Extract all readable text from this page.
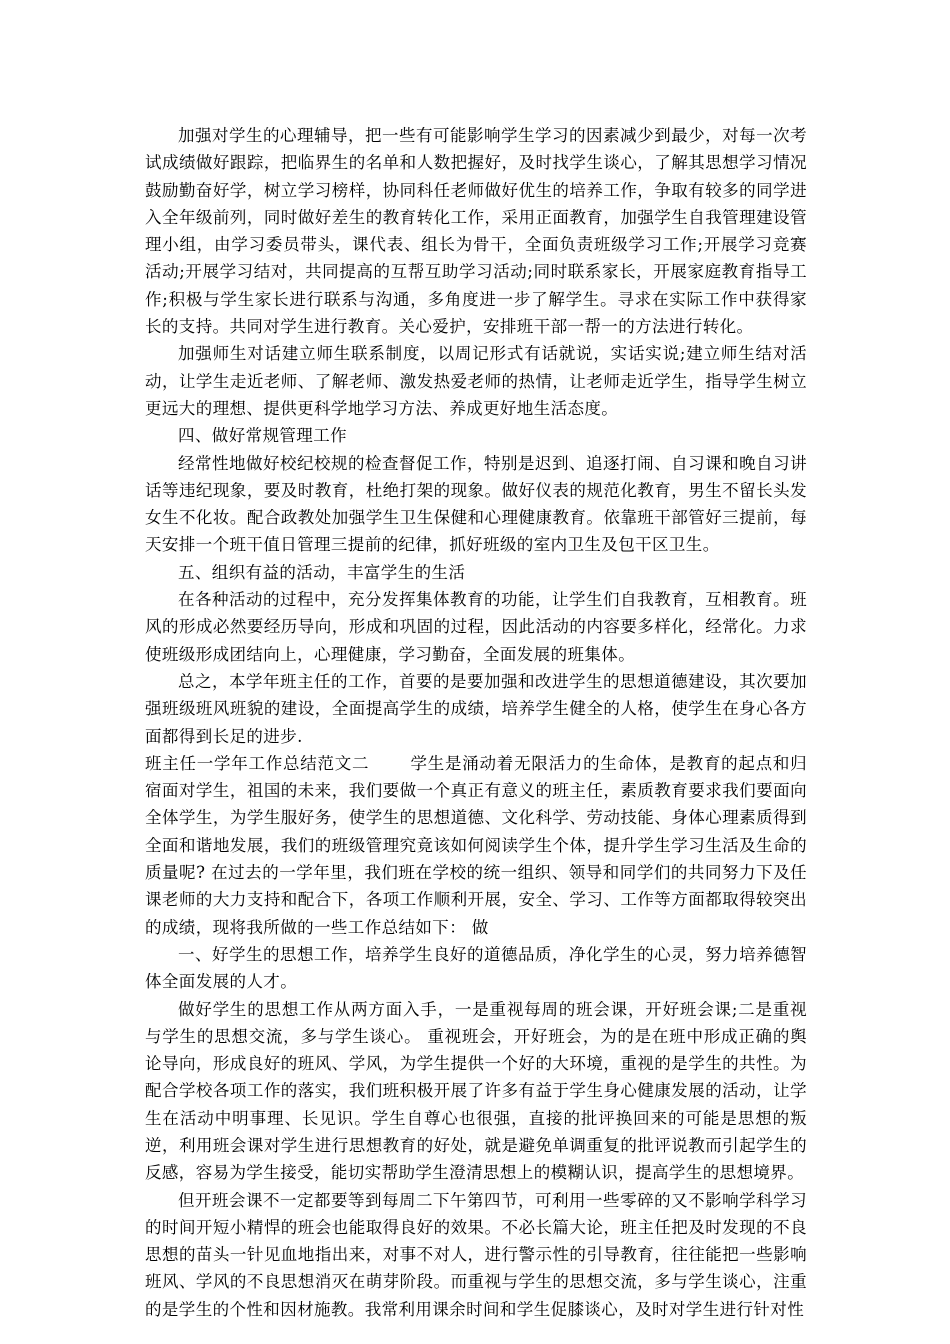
加强对学生的心理辅导，把一些有可能影响学生学习的因素减少到最少，对每一次考试成绩做好跟踪，把临界生的名单和人数把握好，及时找学生谈心，了解其思想学习情况鼓励勤奋好学，树立学习榜样，协同科任老师做好优生的培养工作，争取有较多的同学进入全年级前列，同时做好差生的教育转化工作，采用正面教育，加强学生自我管理建设管理小组，由学习委员带头，课代表、组长为骨干，全面负责班级学习工作;开展学习竞赛活动;开展学习结对，共同提高的互帮互助学习活动;同时联系家长，开展家庭教育指导工作;积极与学生家长进行联系与沟通，多角度进一步了解学生。寻求在实际工作中获得家长的支持。共同对学生进行教育。关心爱护，安排班干部一帮一的方法进行转化。

加强师生对话建立师生联系制度，以周记形式有话就说，实话实说;建立师生结对活动，让学生走近老师、了解老师、激发热爱老师的热情，让老师走近学生，指导学生树立更远大的理想、提供更科学地学习方法、养成更好地生活态度。

四、做好常规管理工作

经常性地做好校纪校规的检查督促工作，特别是迟到、追逐打闹、自习课和晚自习讲话等违纪现象，要及时教育，杜绝打架的现象。做好仪表的规范化教育，男生不留长头发女生不化妆。配合政教处加强学生卫生保健和心理健康教育。依靠班干部管好三提前，每天安排一个班干值日管理三提前的纪律，抓好班级的室内卫生及包干区卫生。

五、组织有益的活动，丰富学生的生活

在各种活动的过程中，充分发挥集体教育的功能，让学生们自我教育，互相教育。班风的形成必然要经历导向，形成和巩固的过程，因此活动的内容要多样化，经常化。力求使班级形成团结向上，心理健康，学习勤奋，全面发展的班集体。

总之，本学年班主任的工作，首要的是要加强和改进学生的思想道德建设，其次要加强班级班风班貌的建设，全面提高学生的成绩，培养学生健全的人格，使学生在身心各方面都得到长足的进步.

班主任一学年工作总结范文二	学生是涌动着无限活力的生命体，是教育的起点和归宿面对学生，祖国的未来，我们要做一个真正有意义的班主任，素质教育要求我们要面向全体学生，为学生服好务，使学生的思想道德、文化科学、劳动技能、身体心理素质得到全面和谐地发展，我们的班级管理究竟该如何阅读学生个体，提升学生学习生活及生命的质量呢? 在过去的一学年里，我们班在学校的统一组织、领导和同学们的共同努力下及任课老师的大力支持和配合下，各项工作顺利开展，安全、学习、工作等方面都取得较突出的成绩，现将我所做的一些工作总结如下： 做

一、好学生的思想工作，培养学生良好的道德品质，净化学生的心灵，努力培养德智体全面发展的人才。

做好学生的思想工作从两方面入手，一是重视每周的班会课，开好班会课;二是重视与学生的思想交流，多与学生谈心。 重视班会，开好班会，为的是在班中形成正确的舆论导向，形成良好的班风、学风，为学生提供一个好的大环境，重视的是学生的共性。为配合学校各项工作的落实，我们班积极开展了许多有益于学生身心健康发展的活动，让学生在活动中明事理、长见识。学生自尊心也很强，直接的批评换回来的可能是思想的叛逆，利用班会课对学生进行思想教育的好处，就是避免单调重复的批评说教而引起学生的反感，容易为学生接受，能切实帮助学生澄清思想上的模糊认识，提高学生的思想境界。

但开班会课不一定都要等到每周二下午第四节，可利用一些零碎的又不影响学科学习的时间开短小精悍的班会也能取得良好的效果。不必长篇大论，班主任把及时发现的不良思想的苗头一针见血地指出来，对事不对人，进行警示性的引导教育，往往能把一些影响班风、学风的不良思想消灭在萌芽阶段。而重视与学生的思想交流，多与学生谈心，注重的是学生的个性和因材施教。我常利用课余时间和学生促膝谈心，及时对学生进行针对性
